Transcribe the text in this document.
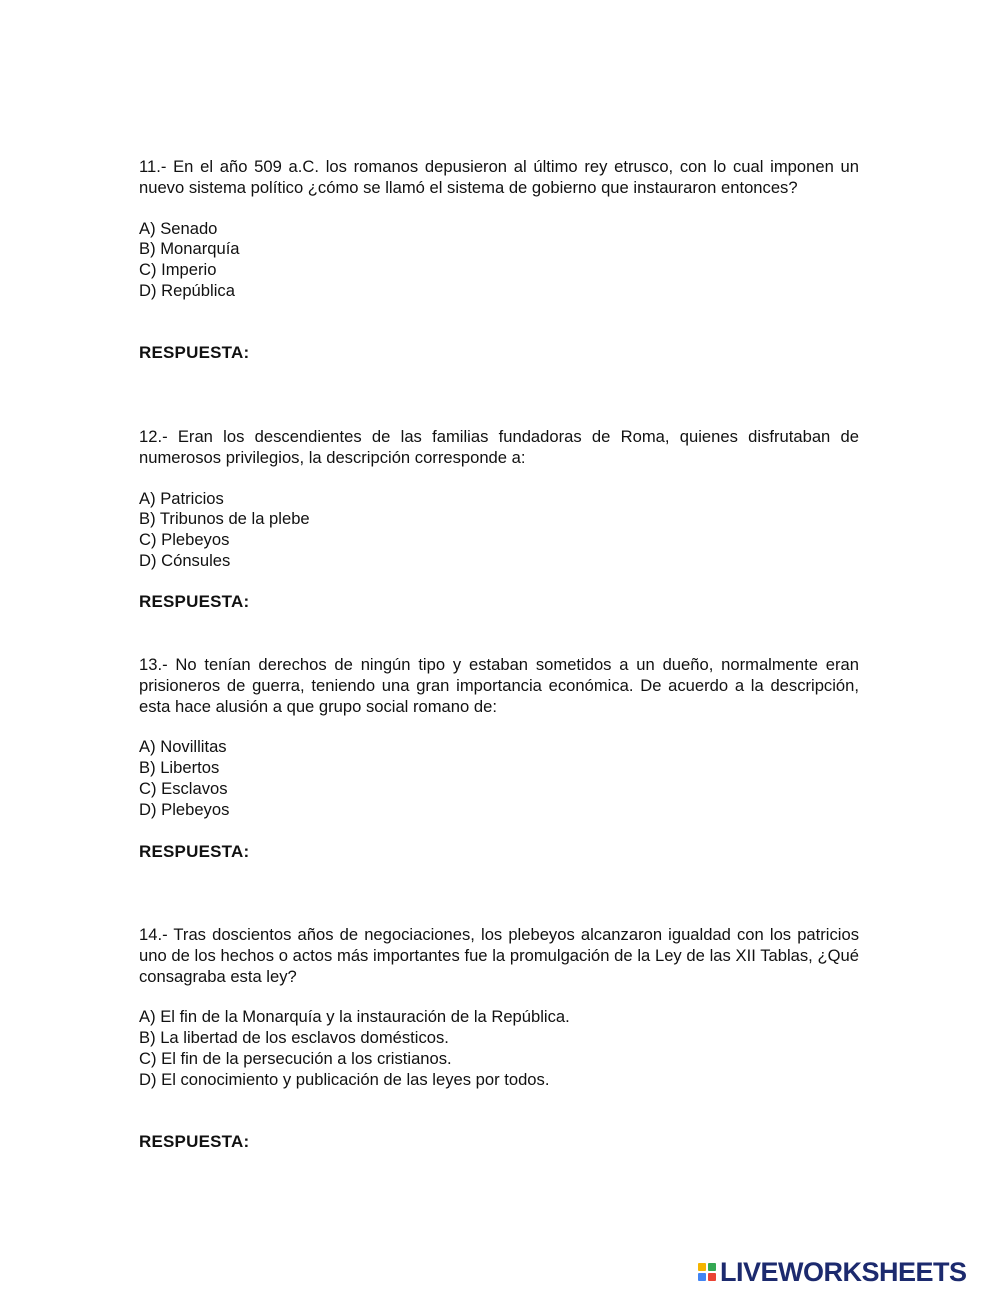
11.- En el año 509 a.C. los romanos depusieron al último rey etrusco, con lo cual imponen un nuevo sistema político ¿cómo se llamó el sistema de gobierno que instauraron entonces?

A) Senado
B) Monarquía
C) Imperio
D) República
RESPUESTA:

12.- Eran los descendientes de las familias fundadoras de Roma, quienes disfrutaban de numerosos privilegios, la descripción corresponde a:

A) Patricios
B) Tribunos de la plebe
C) Plebeyos
D) Cónsules
RESPUESTA:

13.- No tenían derechos de ningún tipo y estaban sometidos a un dueño, normalmente eran prisioneros de guerra, teniendo una gran importancia económica. De acuerdo a la descripción, esta hace alusión a que grupo social romano de:

A) Novillitas
B) Libertos
C) Esclavos
D) Plebeyos
RESPUESTA:

14.- Tras doscientos años de negociaciones, los plebeyos alcanzaron igualdad con los patricios uno de los hechos o actos más importantes fue la promulgación de la Ley de las XII Tablas, ¿Qué consagraba esta ley?

A) El fin de la Monarquía y la instauración de la República.
B) La libertad de los esclavos domésticos.
C) El fin de la persecución a los cristianos.
D) El conocimiento y publicación de las leyes por todos.
RESPUESTA:
LIVEWORKSHEETS
